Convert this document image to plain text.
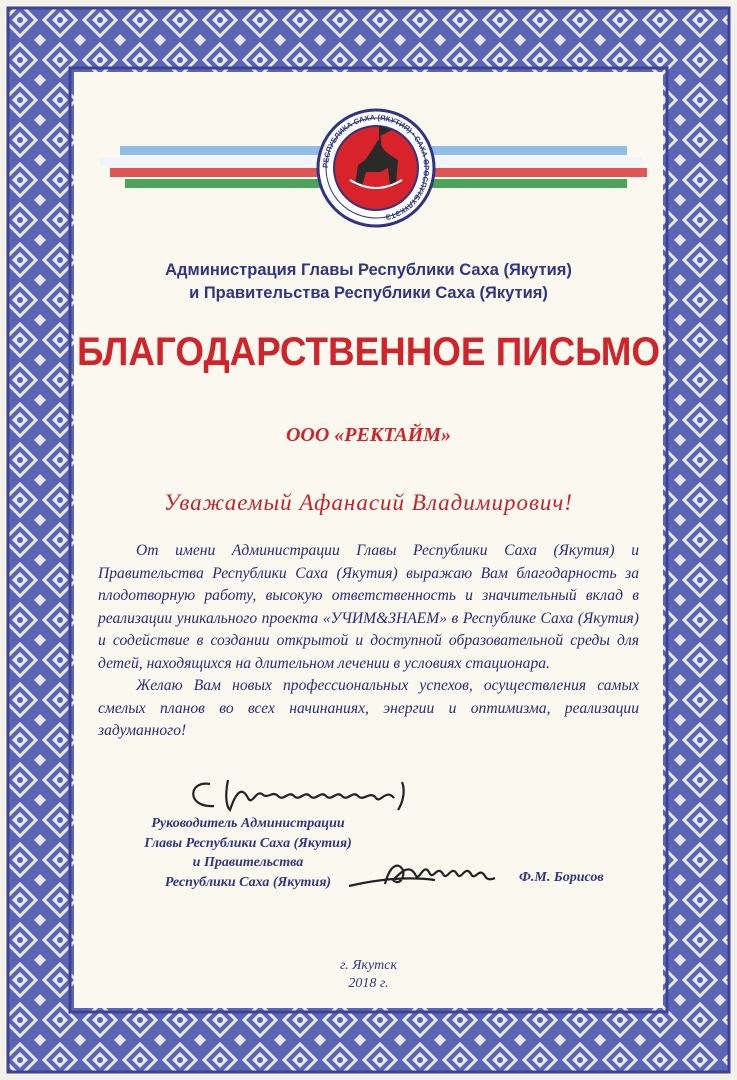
РЕСПУБЛИКА САХА (ЯКУТИЯ) • САХА ӨРӨСПҮҮБҮЛҮКЭТЭ
Администрация Главы Республики Саха (Якутия)
и Правительства Республики Саха (Якутия)
БЛАГОДАРСТВЕННОЕ ПИСЬМО
ООО «РЕКТАЙМ»
Уважаемый Афанасий Владимирович!

От имени Администрации Главы Республики Саха (Якутия) и Правительства Республики Саха (Якутия) выражаю Вам благодарность за плодотворную работу, высокую ответственность и значительный вклад в реализации уникального проекта «УЧИМ&ЗНАЕМ» в Республике Саха (Якутия) и содействие в создании открытой и доступной образовательной среды для детей, находящихся на длительном лечении в условиях стационара.

Желаю Вам новых профессиональных успехов, осуществления самых смелых планов во всех начинаниях, энергии и оптимизма, реализации задуманного!

Руководитель Администрации
Главы Республики Саха (Якутия)
и Правительства
Республики Саха (Якутия)	Ф.М. Борисов
г. Якутск
2018 г.
